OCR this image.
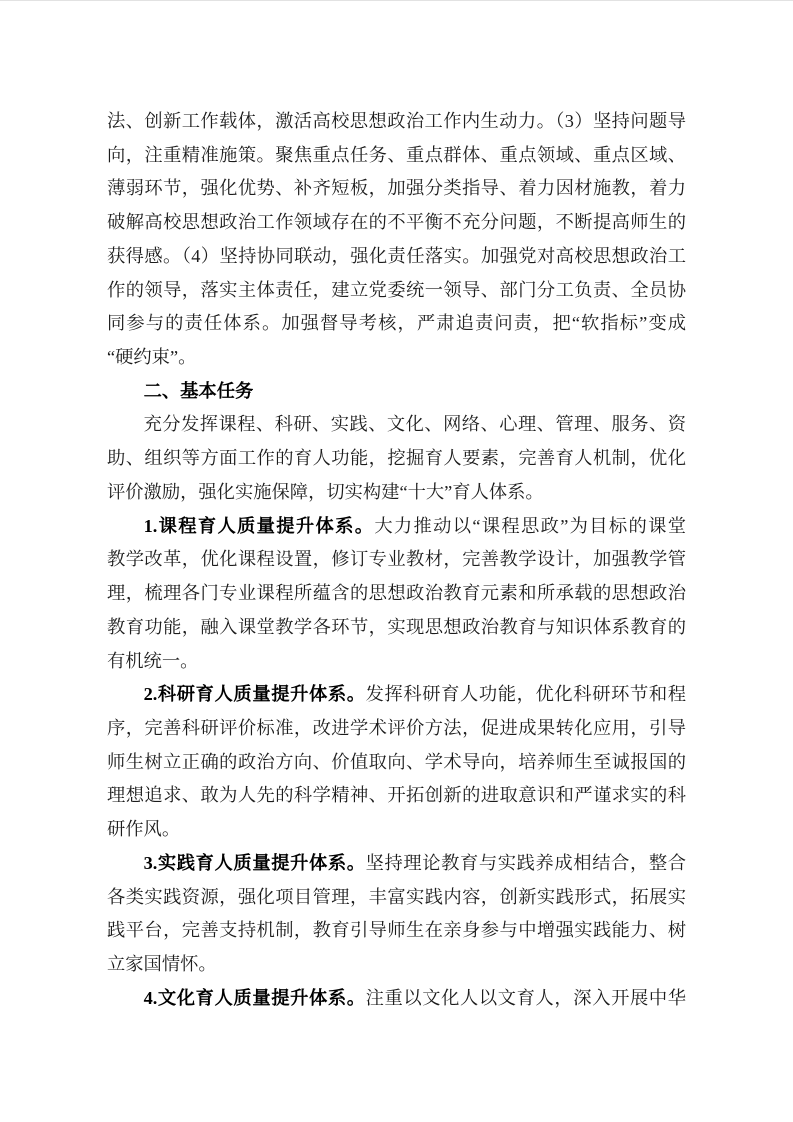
法、创新工作载体，激活高校思想政治工作内生动力。（3）坚持问题导
向，注重精准施策。聚焦重点任务、重点群体、重点领域、重点区域、
薄弱环节，强化优势、补齐短板，加强分类指导、着力因材施教，着力
破解高校思想政治工作领域存在的不平衡不充分问题，不断提高师生的
获得感。（4）坚持协同联动，强化责任落实。加强党对高校思想政治工
作的领导，落实主体责任，建立党委统一领导、部门分工负责、全员协
同参与的责任体系。加强督导考核，严肃追责问责，把“软指标”变成
“硬约束”。
二、基本任务
充分发挥课程、科研、实践、文化、网络、心理、管理、服务、资
助、组织等方面工作的育人功能，挖掘育人要素，完善育人机制，优化
评价激励，强化实施保障，切实构建“十大”育人体系。
1.课程育人质量提升体系。大力推动以“课程思政”为目标的课堂
教学改革，优化课程设置，修订专业教材，完善教学设计，加强教学管
理，梳理各门专业课程所蕴含的思想政治教育元素和所承载的思想政治
教育功能，融入课堂教学各环节，实现思想政治教育与知识体系教育的
有机统一。
2.科研育人质量提升体系。发挥科研育人功能，优化科研环节和程
序，完善科研评价标准，改进学术评价方法，促进成果转化应用，引导
师生树立正确的政治方向、价值取向、学术导向，培养师生至诚报国的
理想追求、敢为人先的科学精神、开拓创新的进取意识和严谨求实的科
研作风。
3.实践育人质量提升体系。坚持理论教育与实践养成相结合，整合
各类实践资源，强化项目管理，丰富实践内容，创新实践形式，拓展实
践平台，完善支持机制，教育引导师生在亲身参与中增强实践能力、树
立家国情怀。
4.文化育人质量提升体系。注重以文化人以文育人，深入开展中华
